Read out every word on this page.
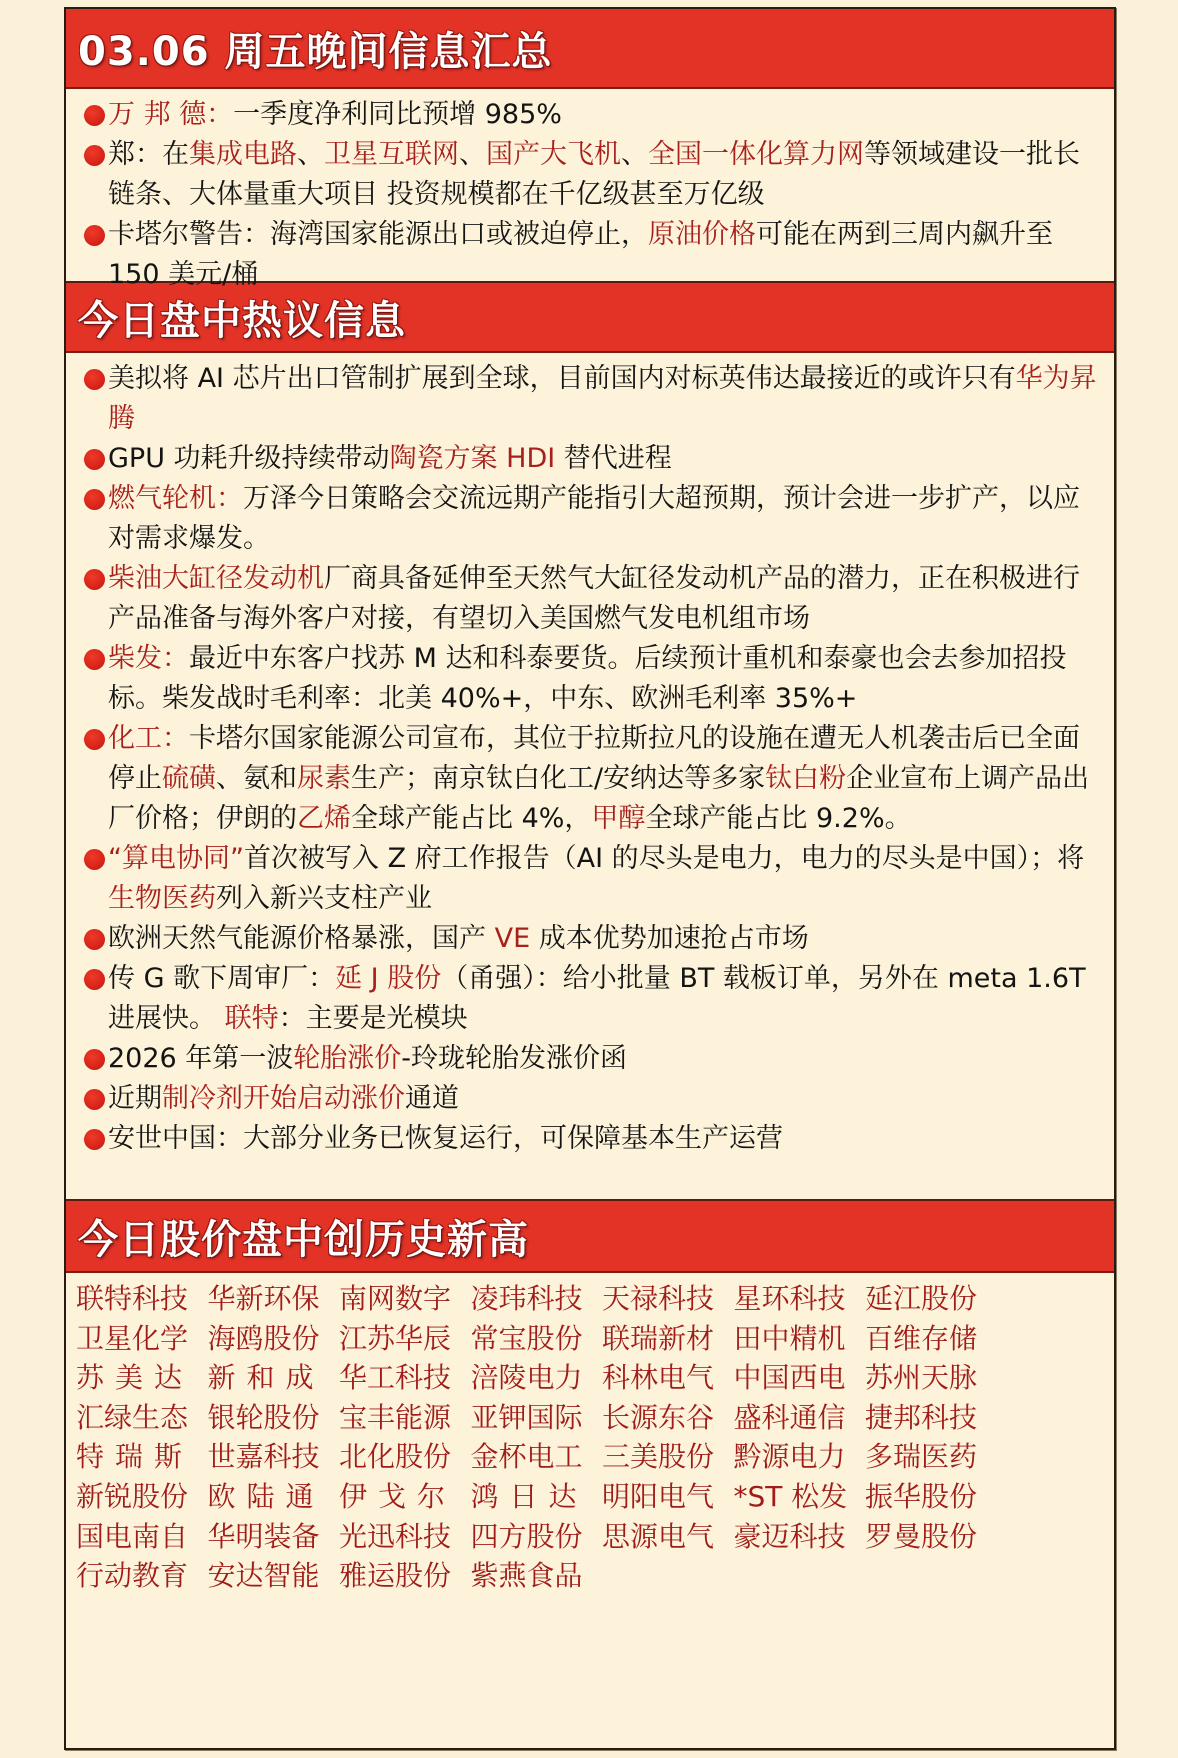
03.06 周五晚间信息汇总
万 邦 德：一季度净利同比预增 985%
郑：在集成电路、卫星互联网、国产大飞机、全国一体化算力网等领域建设一批长链条、大体量重大项目 投资规模都在千亿级甚至万亿级
卡塔尔警告：海湾国家能源出口或被迫停止，原油价格可能在两到三周内飙升至 150 美元/桶
今日盘中热议信息
美拟将 AI 芯片出口管制扩展到全球，目前国内对标英伟达最接近的或许只有华为昇腾
GPU 功耗升级持续带动陶瓷方案 HDI 替代进程
燃气轮机：万泽今日策略会交流远期产能指引大超预期，预计会进一步扩产，以应对需求爆发。
柴油大缸径发动机厂商具备延伸至天然气大缸径发动机产品的潜力，正在积极进行产品准备与海外客户对接，有望切入美国燃气发电机组市场
柴发：最近中东客户找苏 M 达和科泰要货。后续预计重机和泰豪也会去参加招投标。柴发战时毛利率：北美 40%+，中东、欧洲毛利率 35%+
化工：卡塔尔国家能源公司宣布，其位于拉斯拉凡的设施在遭无人机袭击后已全面停止硫磺、氨和尿素生产；南京钛白化工/安纳达等多家钛白粉企业宣布上调产品出厂价格；伊朗的乙烯全球产能占比 4%，甲醇全球产能占比 9.2%。
“算电协同”首次被写入 Z 府工作报告（AI 的尽头是电力，电力的尽头是中国）；将生物医药列入新兴支柱产业
欧洲天然气能源价格暴涨，国产 VE 成本优势加速抢占市场
传 G 歌下周审厂：延 J 股份（甬强）：给小批量 BT 载板订单，另外在 meta 1.6T 进展快。 联特：主要是光模块
2026 年第一波轮胎涨价-玲珑轮胎发涨价函
近期制冷剂开始启动涨价通道
安世中国：大部分业务已恢复运行，可保障基本生产运营
今日股价盘中创历史新高
联特科技 华新环保 南网数字 凌玮科技 天禄科技 星环科技 延江股份
卫星化学 海鸥股份 江苏华辰 常宝股份 联瑞新材 田中精机 百维存储
苏美达 新和成 华工科技 涪陵电力 科林电气 中国西电 苏州天脉
汇绿生态 银轮股份 宝丰能源 亚钾国际 长源东谷 盛科通信 捷邦科技
特瑞斯 世嘉科技 北化股份 金杯电工 三美股份 黔源电力 多瑞医药
新锐股份 欧陆通 伊戈尔 鸿日达 明阳电气 *ST 松发 振华股份
国电南自 华明装备 光迅科技 四方股份 思源电气 豪迈科技 罗曼股份
行动教育 安达智能 雅运股份 紫燕食品
